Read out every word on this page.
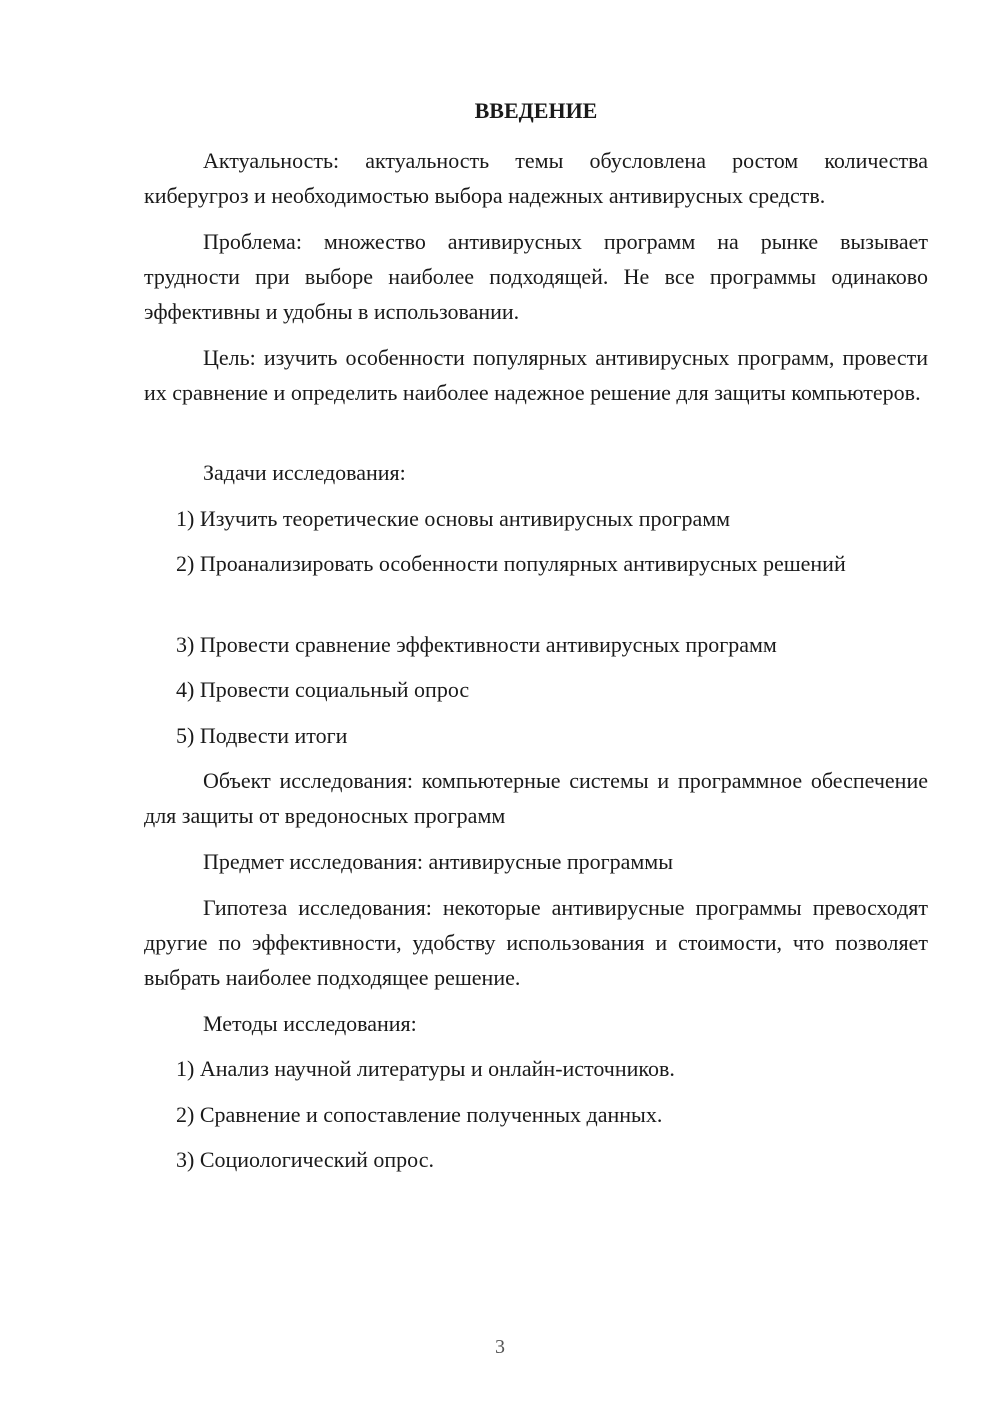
ВВЕДЕНИЕ

Актуальность: актуальность темы обусловлена ростом количества киберугроз и необходимостью выбора надежных антивирусных средств.

Проблема: множество антивирусных программ на рынке вызывает трудности при выборе наиболее подходящей. Не все программы одинаково эффективны и удобны в использовании.

Цель: изучить особенности популярных антивирусных программ, провести их сравнение и определить наиболее надежное решение для защиты компьютеров.

Задачи исследования:

1) Изучить теоретические основы антивирусных программ

2) Проанализировать особенности популярных антивирусных решений

3) Провести сравнение эффективности антивирусных программ

4) Провести социальный опрос

5) Подвести итоги

Объект исследования: компьютерные системы и программное обеспечение для защиты от вредоносных программ

Предмет исследования: антивирусные программы

Гипотеза исследования: некоторые антивирусные программы превосходят другие по эффективности, удобству использования и стоимости, что позволяет выбрать наиболее подходящее решение.

Методы исследования:

1) Анализ научной литературы и онлайн-источников.

2) Сравнение и сопоставление полученных данных.

3) Социологический опрос.

3
